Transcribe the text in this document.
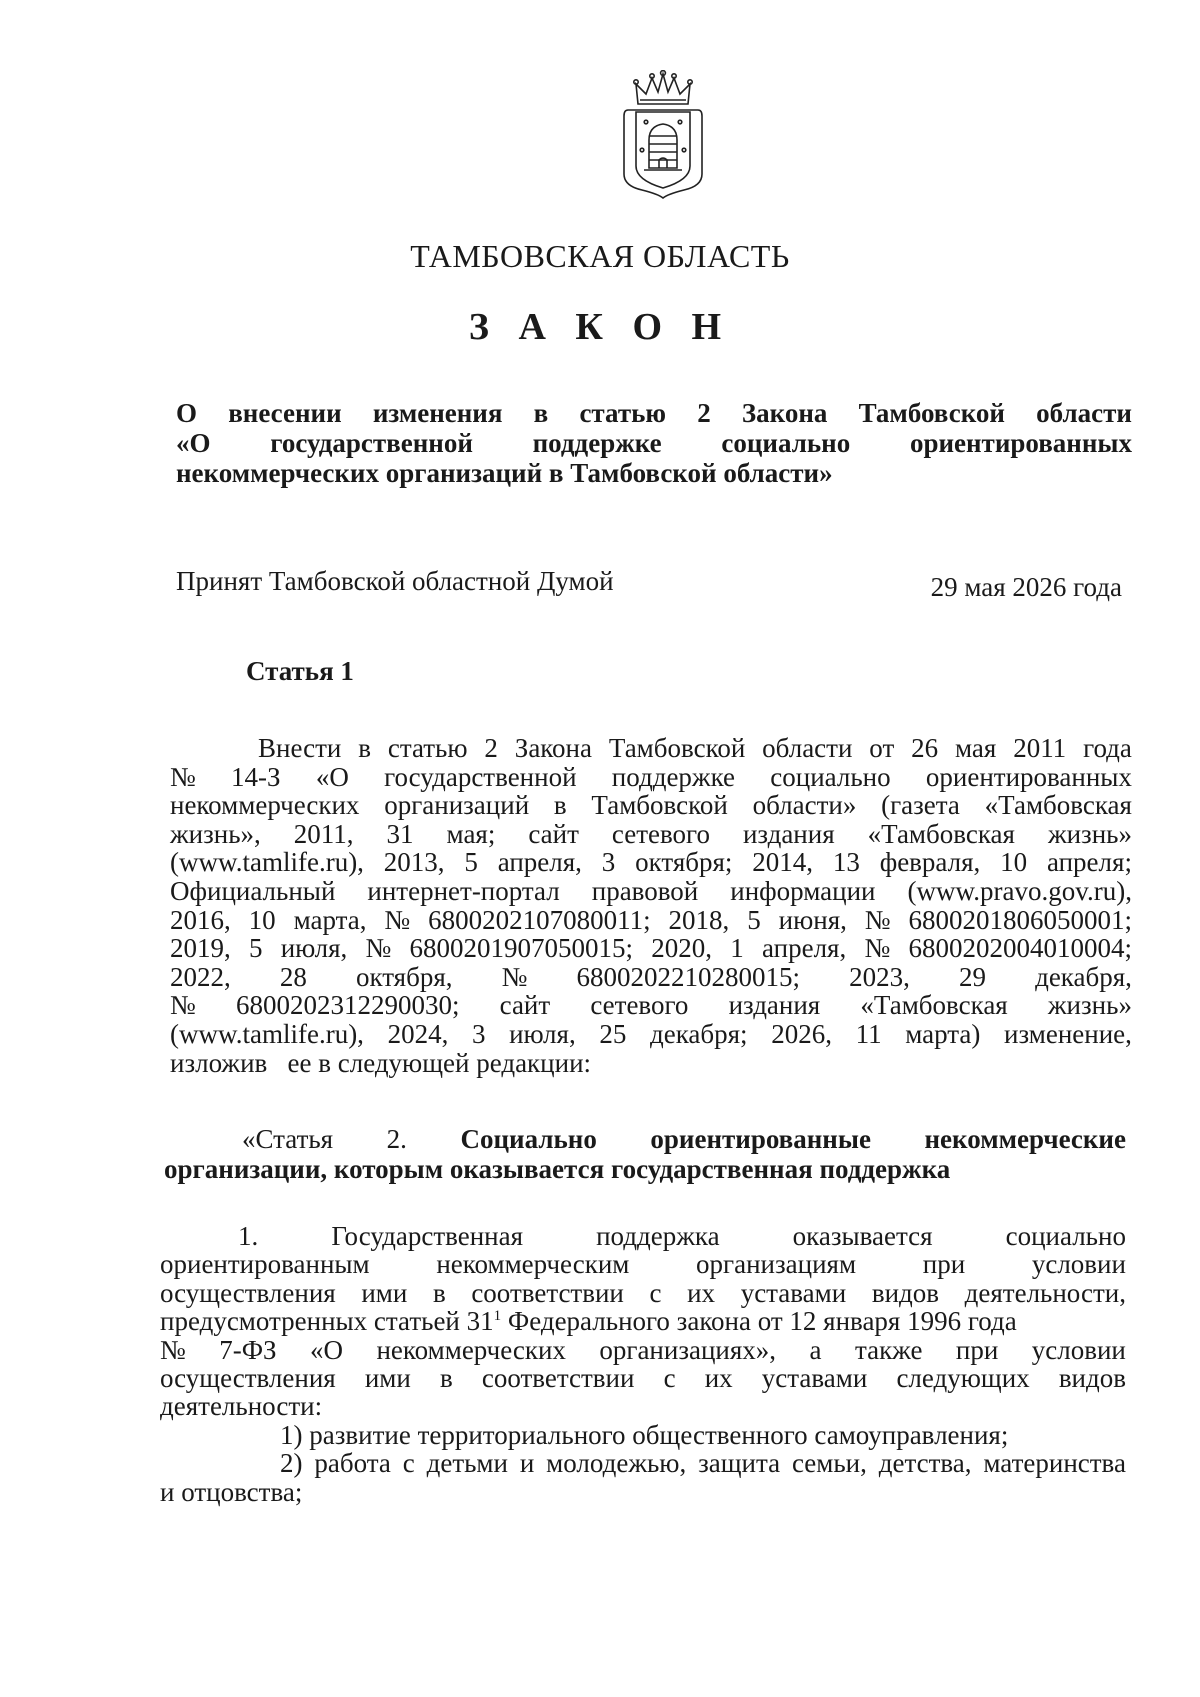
ТАМБОВСКАЯ ОБЛАСТЬ
З А К О Н
О внесении изменения в статью 2 Закона Тамбовской области
«О государственной поддержке социально ориентированных
некоммерческих организаций в Тамбовской области»
Принят Тамбовской областной Думой	29 мая 2026 года
Статья 1
Внести в статью 2 Закона Тамбовской области от 26 мая 2011 года
№ 14-З «О государственной поддержке социально ориентированных
некоммерческих организаций в Тамбовской области» (газета «Тамбовская
жизнь», 2011, 31 мая; сайт сетевого издания «Тамбовская жизнь»
(www.tamlife.ru), 2013, 5 апреля, 3 октября; 2014, 13 февраля, 10 апреля;
Официальный интернет-портал правовой информации (www.pravo.gov.ru),
2016, 10 марта, № 6800202107080011; 2018, 5 июня, № 6800201806050001;
2019, 5 июля, № 6800201907050015; 2020, 1 апреля, № 6800202004010004;
2022, 28 октября, № 6800202210280015; 2023, 29 декабря,
№ 6800202312290030; сайт сетевого издания «Тамбовская жизнь»
(www.tamlife.ru), 2024, 3 июля, 25 декабря; 2026, 11 марта) изменение,
изложив   ее в следующей редакции:
«Статья 2. Социально ориентированные некоммерческие
организации, которым оказывается государственная поддержка
1.	Государственная	поддержка	оказывается	социально
ориентированным некоммерческим организациям при условии
осуществления ими в соответствии с их уставами видов деятельности,
предусмотренных статьей $31^1$ Федерального закона от 12 января 1996 года
№ 7-ФЗ «О некоммерческих организациях», а также при условии
осуществления ими в соответствии с их уставами следующих видов
деятельности:
1) развитие территориального общественного самоуправления;
2) работа с детьми и молодежью, защита семьи, детства, материнства
и отцовства;
